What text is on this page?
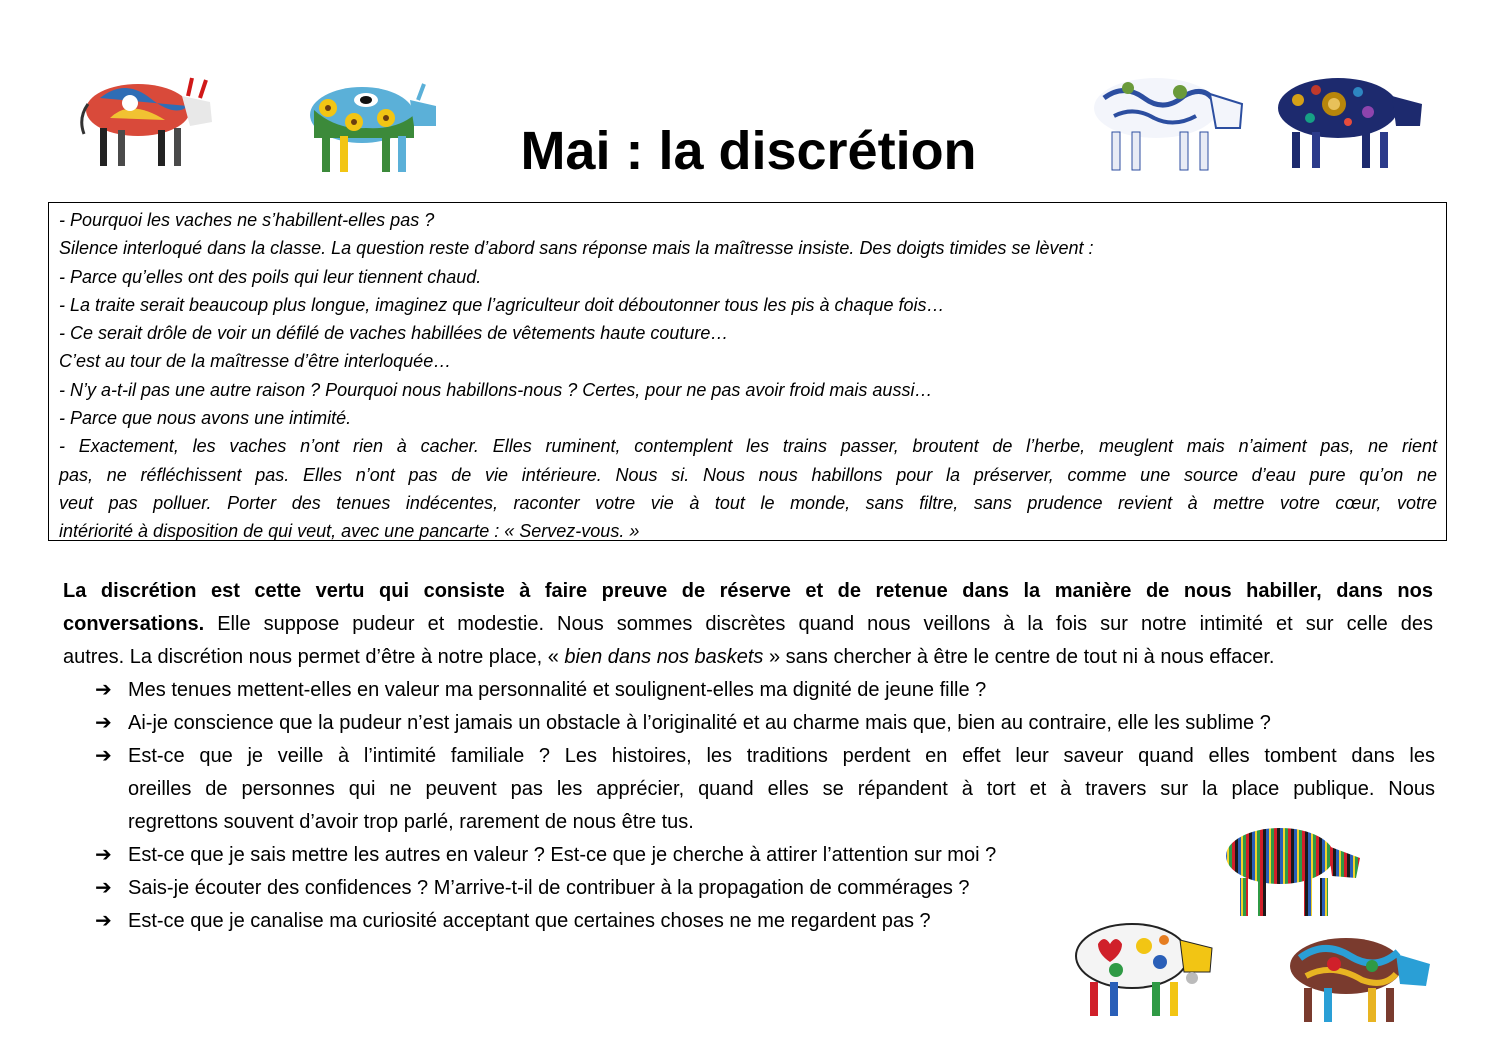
Mai : la discrétion
- Pourquoi les vaches ne s’habillent-elles pas ?
Silence interloqué dans la classe. La question reste d’abord sans réponse mais la maîtresse insiste. Des doigts timides se lèvent :
- Parce qu’elles ont des poils qui leur tiennent chaud.
- La traite serait beaucoup plus longue, imaginez que l’agriculteur doit déboutonner tous les pis à chaque fois…
- Ce serait drôle de voir un défilé de vaches habillées de vêtements haute couture…
C’est au tour de la maîtresse d’être interloquée…
- N’y a-t-il pas une autre raison ? Pourquoi nous habillons-nous ? Certes, pour ne pas avoir froid mais aussi…
- Parce que nous avons une intimité.
- Exactement, les vaches n’ont rien à cacher. Elles ruminent, contemplent les trains passer, broutent de l’herbe, meuglent mais n’aiment pas, ne rient
pas, ne réfléchissent pas. Elles n’ont pas de vie intérieure. Nous si. Nous nous habillons pour la préserver, comme une source d’eau pure qu’on ne
veut pas polluer. Porter des tenues indécentes, raconter votre vie à tout le monde, sans filtre, sans prudence revient à mettre votre cœur, votre
intériorité à disposition de qui veut, avec une pancarte : « Servez-vous. »
La discrétion est cette vertu qui consiste à faire preuve de réserve et de retenue dans la manière de nous habiller, dans nos
conversations. Elle suppose pudeur et modestie. Nous sommes discrètes quand nous veillons à la fois sur notre intimité et sur celle des
autres. La discrétion nous permet d’être à notre place, « bien dans nos baskets » sans chercher à être le centre de tout ni à nous effacer.
➔ Mes tenues mettent-elles en valeur ma personnalité et soulignent-elles ma dignité de jeune fille ?
➔ Ai-je conscience que la pudeur n’est jamais un obstacle à l’originalité et au charme mais que, bien au contraire, elle les sublime ?
➔ Est-ce que je veille à l’intimité familiale ? Les histoires, les traditions perdent en effet leur saveur quand elles tombent dans les
oreilles de personnes qui ne peuvent pas les apprécier, quand elles se répandent à tort et à travers sur la place publique. Nous
regrettons souvent d’avoir trop parlé, rarement de nous être tus.
➔ Est-ce que je sais mettre les autres en valeur ? Est-ce que je cherche à attirer l’attention sur moi ?
➔ Sais-je écouter des confidences ? M’arrive-t-il de contribuer à la propagation de commérages ?
➔ Est-ce que je canalise ma curiosité acceptant que certaines choses ne me regardent pas ?
